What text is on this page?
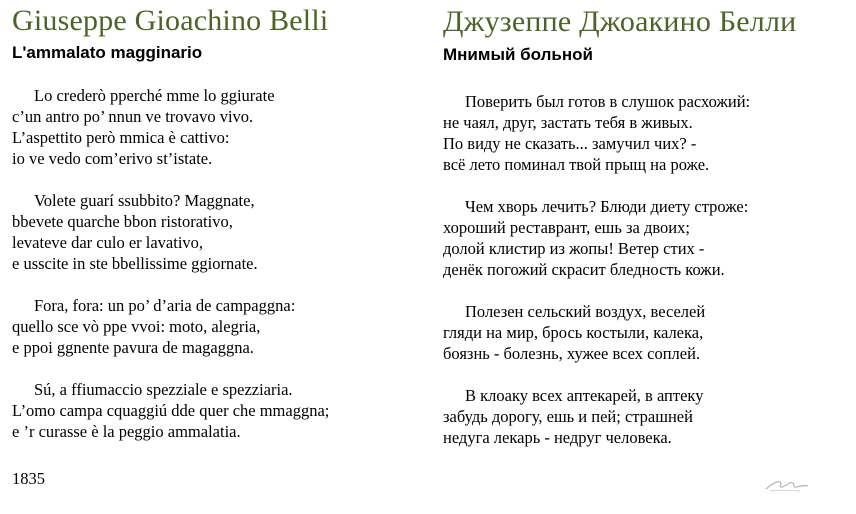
Giuseppe Gioachino Belli
L'ammalato magginario
Lo crederò pperché mme lo ggiurate
c’un antro po’ nnun ve trovavo vivo.
L’aspettito però mmica è cattivo:
io ve vedo com’erivo st’istate.
Volete guarí ssubbito? Maggnate,
bbevete quarche bbon ristorativo,
levateve dar culo er lavativo,
e usscite in ste bbellissime ggiornate.
Fora, fora: un po’ d’aria de campaggna:
quello sce vò ppe vvoi: moto, alegria,
e ppoi ggnente pavura de magaggna.
Sú, a ffiumaccio spezziale e spezziaria.
L’omo campa cquaggiú dde quer che mmaggna;
e ’r curasse è la peggio ammalatia.

1835

Джузеппе Джоакино Белли
Мнимый больной
Поверить был готов в слушок расхожий:
не чаял, друг, застать тебя в живых.
По виду не сказать... замучил чих? -
всё лето поминал твой прыщ на роже.
Чем хворь лечить? Блюди диету строже:
хороший реставрант, ешь за двоих;
долой клистир из жопы! Ветер стих -
денёк погожий скрасит бледность кожи.
Полезен сельский воздух, веселей
гляди на мир, брось костыли, калека,
боязнь - болезнь, хужее всех соплей.
В клоаку всех аптекарей, в аптеку
забудь дорогу, ешь и пей; страшней
недуга лекарь - недруг человека.
